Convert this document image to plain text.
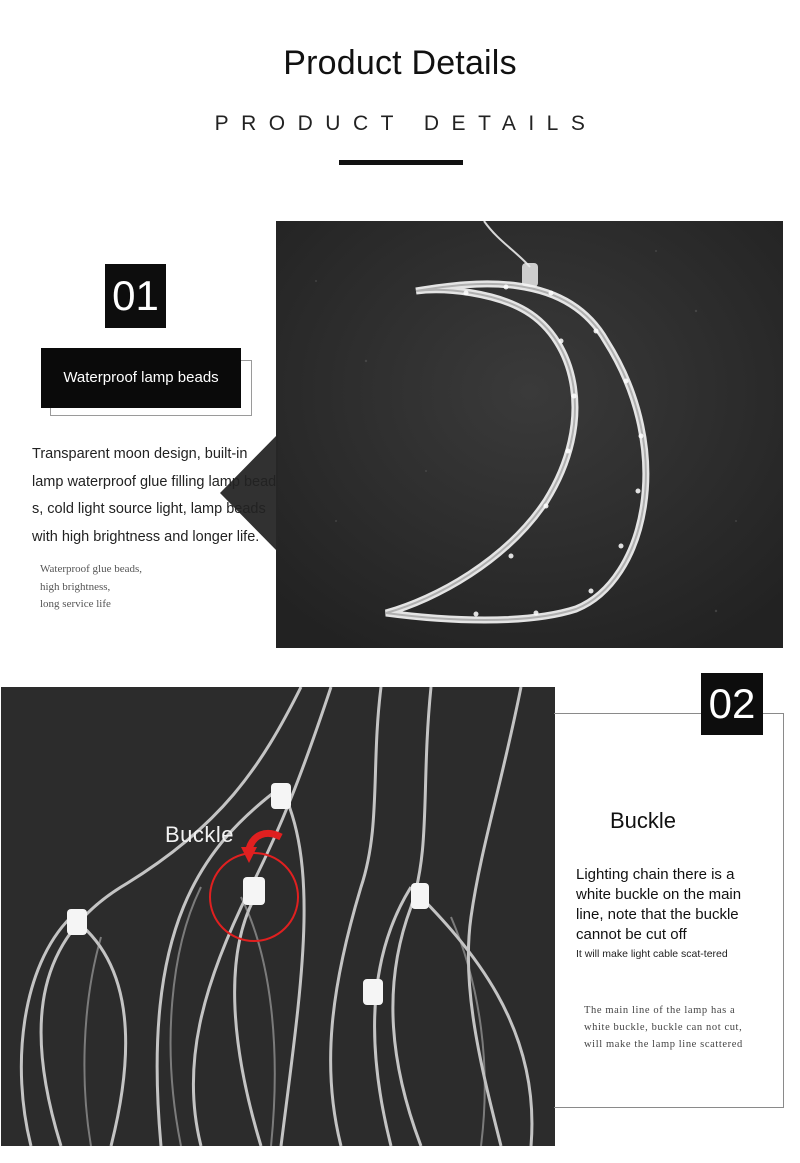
Product Details
PRODUCT DETAILS
01
Waterproof lamp beads
Transparent moon design, built-in lamp waterproof glue filling lamp bead s, cold light source light, lamp beads with high brightness and longer life.
Waterproof glue beads,
high brightness,
long service life
Buckle
02
Buckle
Lighting chain there is a white buckle on the main line, note that the buckle cannot be cut off
It will make light cable scat-tered
The main line of the lamp has a
white buckle, buckle can not cut,
will make the lamp line scattered
